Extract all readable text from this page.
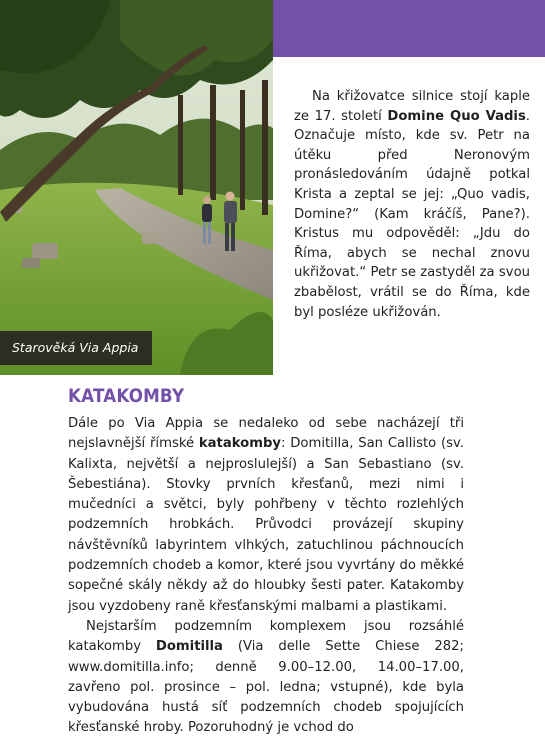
Starověká Via Appia

Na křižovatce silnice stojí kaple ze 17. století Domine Quo Vadis. Označuje místo, kde sv. Petr na útěku před Neronovým pronásledováním údajně potkal Krista a zeptal se jej: „Quo vadis, Domine?“ (Kam kráčíš, Pane?). Kristus mu odpověděl: „Jdu do Říma, abych se nechal znovu ukřižovat.“ Petr se zastyděl za svou zbabělost, vrátil se do Říma, kde byl posléze ukřižován.

KATAKOMBY

Dále po Via Appia se nedaleko od sebe nacházejí tři nejslavnější římské katakomby: Domitilla, San Callisto (sv. Kalixta, největší a nejproslulejší) a San Sebastiano (sv. Šebestiána). Stovky prvních křesťanů, mezi nimi i mučedníci a světci, byly pohřbeny v těchto rozlehlých podzemních hrobkách. Průvodci provázejí skupiny návštěvníků labyrintem vlhkých, zatuchlinou páchnoucích podzemních chodeb a komor, které jsou vyvrtány do měkké sopečné skály někdy až do hloubky šesti pater. Katakomby jsou vyzdobeny raně křesťanskými malbami a plastikami.

Nejstarším podzemním komplexem jsou rozsáhlé katakomby Domitilla (Via delle Sette Chiese 282; www.domitilla.info; denně 9.00–12.00, 14.00–17.00, zavřeno pol. prosince – pol. ledna; vstupné), kde byla vybudována hustá síť podzemních chodeb spojujících křesťanské hroby. Pozoruhodný je vchod do
